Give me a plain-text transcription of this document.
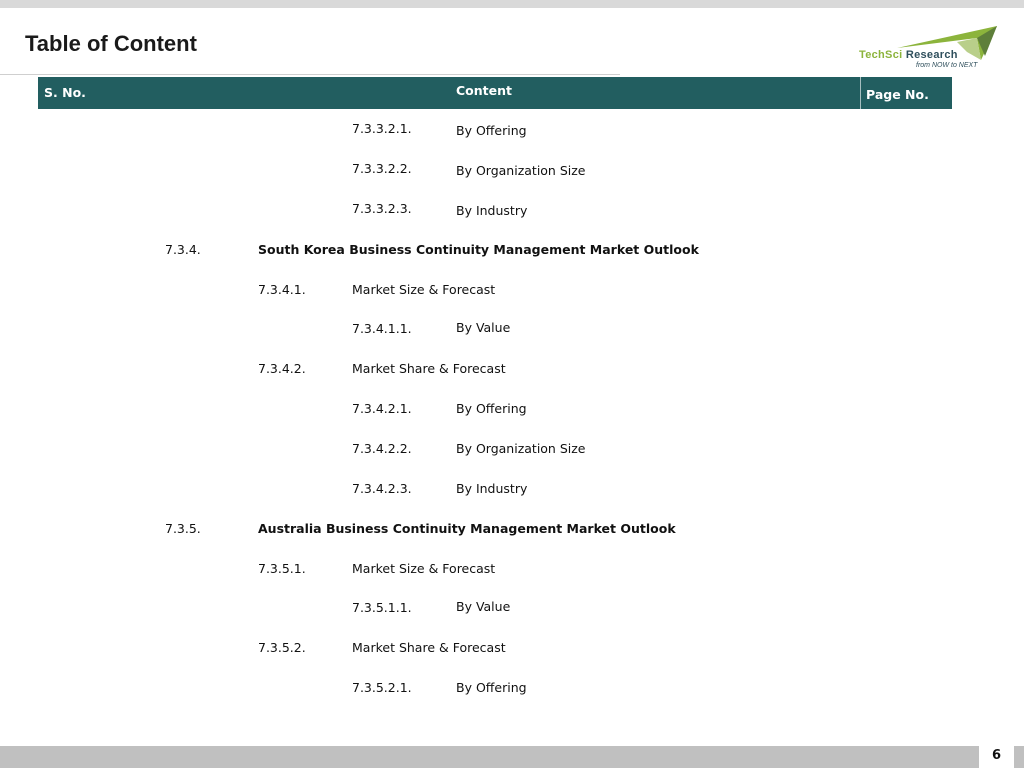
Table of Content	TechSci Research
from NOW to NEXT
S. No.	Content	Page No.
7.3.3.2.1.	By Offering
7.3.3.2.2.	By Organization Size
7.3.3.2.3.	By Industry
7.3.4.	South Korea Business Continuity Management Market Outlook
7.3.4.1.	Market Size & Forecast
7.3.4.1.1.	By Value
7.3.4.2.	Market Share & Forecast
7.3.4.2.1.	By Offering
7.3.4.2.2.	By Organization Size
7.3.4.2.3.	By Industry
7.3.5.	Australia Business Continuity Management Market Outlook
7.3.5.1.	Market Size & Forecast
7.3.5.1.1.	By Value
7.3.5.2.	Market Share & Forecast
7.3.5.2.1.	By Offering
6
